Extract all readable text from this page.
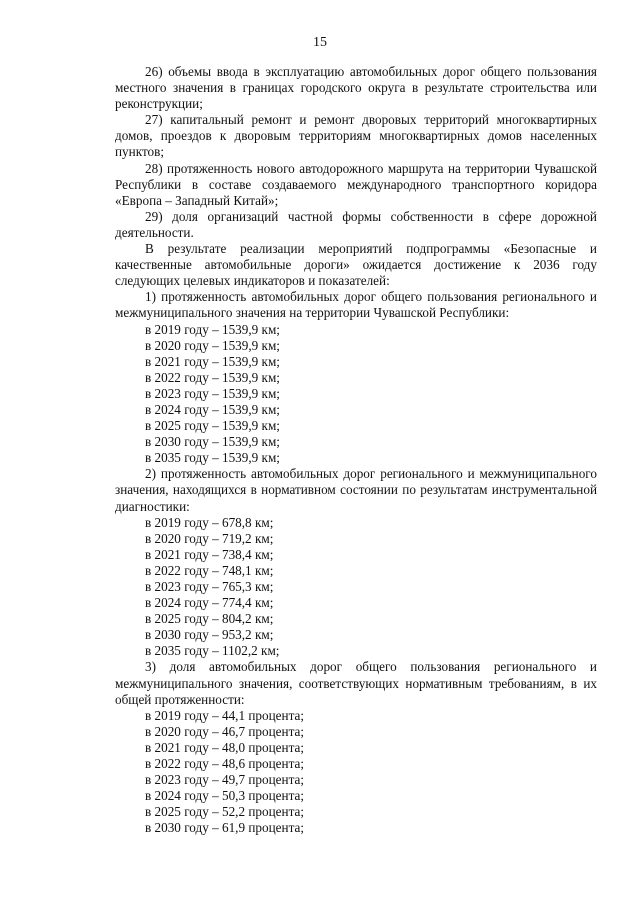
15

26) объемы ввода в эксплуатацию автомобильных дорог общего пользования местного значения в границах городского округа в результате строительства или реконструкции;

27) капитальный ремонт и ремонт дворовых территорий многоквартирных домов, проездов к дворовым территориям многоквартирных домов населенных пунктов;

28) протяженность нового автодорожного маршрута на территории Чувашской Республики в составе создаваемого международного транспортного коридора «Европа – Западный Китай»;

29) доля организаций частной формы собственности в сфере дорожной деятельности.

В результате реализации мероприятий подпрограммы «Безопасные и качественные автомобильные дороги» ожидается достижение к 2036 году следующих целевых индикаторов и показателей:

1) протяженность автомобильных дорог общего пользования регионального и межмуниципального значения на территории Чувашской Республики:

в 2019 году – 1539,9 км;

в 2020 году – 1539,9 км;

в 2021 году – 1539,9 км;

в 2022 году – 1539,9 км;

в 2023 году – 1539,9 км;

в 2024 году – 1539,9 км;

в 2025 году – 1539,9 км;

в 2030 году – 1539,9 км;

в 2035 году – 1539,9 км;

2) протяженность автомобильных дорог регионального и межмуниципального значения, находящихся в нормативном состоянии по результатам инструментальной диагностики:

в 2019 году – 678,8 км;

в 2020 году – 719,2 км;

в 2021 году – 738,4 км;

в 2022 году – 748,1 км;

в 2023 году – 765,3 км;

в 2024 году – 774,4 км;

в 2025 году – 804,2 км;

в 2030 году – 953,2 км;

в 2035 году – 1102,2 км;

3) доля автомобильных дорог общего пользования регионального и межмуниципального значения, соответствующих нормативным требованиям, в их общей протяженности:

в 2019 году – 44,1 процента;

в 2020 году – 46,7 процента;

в 2021 году – 48,0 процента;

в 2022 году – 48,6 процента;

в 2023 году – 49,7 процента;

в 2024 году – 50,3 процента;

в 2025 году – 52,2 процента;

в 2030 году – 61,9 процента;
